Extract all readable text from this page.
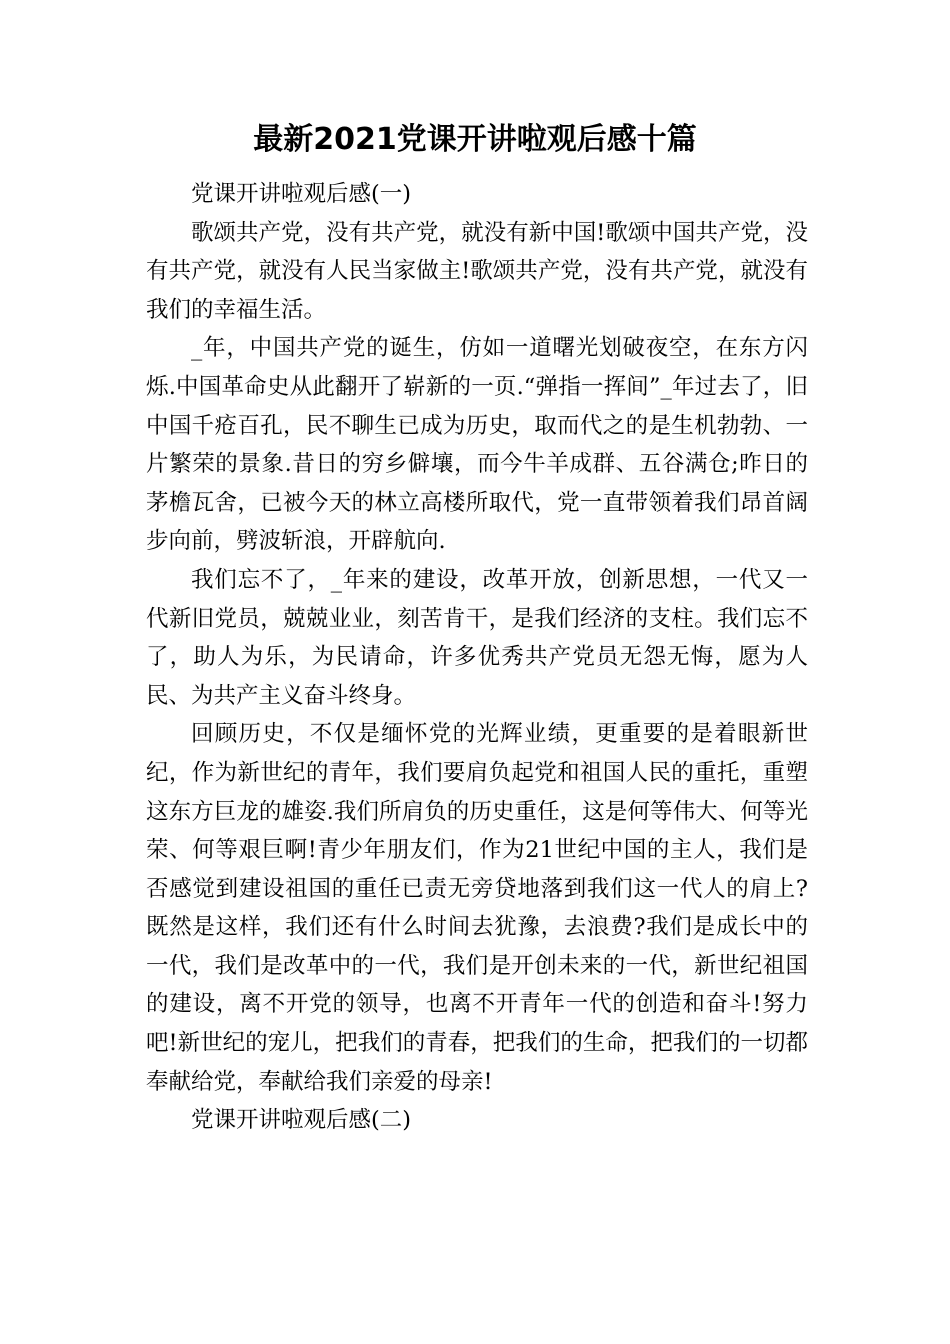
最新2021党课开讲啦观后感十篇

党课开讲啦观后感(一)

歌颂共产党，没有共产党，就没有新中国!歌颂中国共产党，没有共产党，就没有人民当家做主!歌颂共产党，没有共产党，就没有我们的幸福生活。

_年，中国共产党的诞生，仿如一道曙光划破夜空，在东方闪烁.中国革命史从此翻开了崭新的一页.“弹指一挥间”_年过去了，旧中国千疮百孔，民不聊生已成为历史，取而代之的是生机勃勃、一片繁荣的景象.昔日的穷乡僻壤，而今牛羊成群、五谷满仓;昨日的茅檐瓦舍，已被今天的林立高楼所取代，党一直带领着我们昂首阔步向前，劈波斩浪，开辟航向.

我们忘不了，_年来的建设，改革开放，创新思想，一代又一代新旧党员，兢兢业业，刻苦肯干，是我们经济的支柱。我们忘不了，助人为乐，为民请命，许多优秀共产党员无怨无悔，愿为人民、为共产主义奋斗终身。

回顾历史，不仅是缅怀党的光辉业绩，更重要的是着眼新世纪，作为新世纪的青年，我们要肩负起党和祖国人民的重托，重塑这东方巨龙的雄姿.我们所肩负的历史重任，这是何等伟大、何等光荣、何等艰巨啊!青少年朋友们，作为21世纪中国的主人，我们是否感觉到建设祖国的重任已责无旁贷地落到我们这一代人的肩上?既然是这样，我们还有什么时间去犹豫，去浪费?我们是成长中的一代，我们是改革中的一代，我们是开创未来的一代，新世纪祖国的建设，离不开党的领导，也离不开青年一代的创造和奋斗!努力吧!新世纪的宠儿，把我们的青春，把我们的生命，把我们的一切都奉献给党，奉献给我们亲爱的母亲!

党课开讲啦观后感(二)
